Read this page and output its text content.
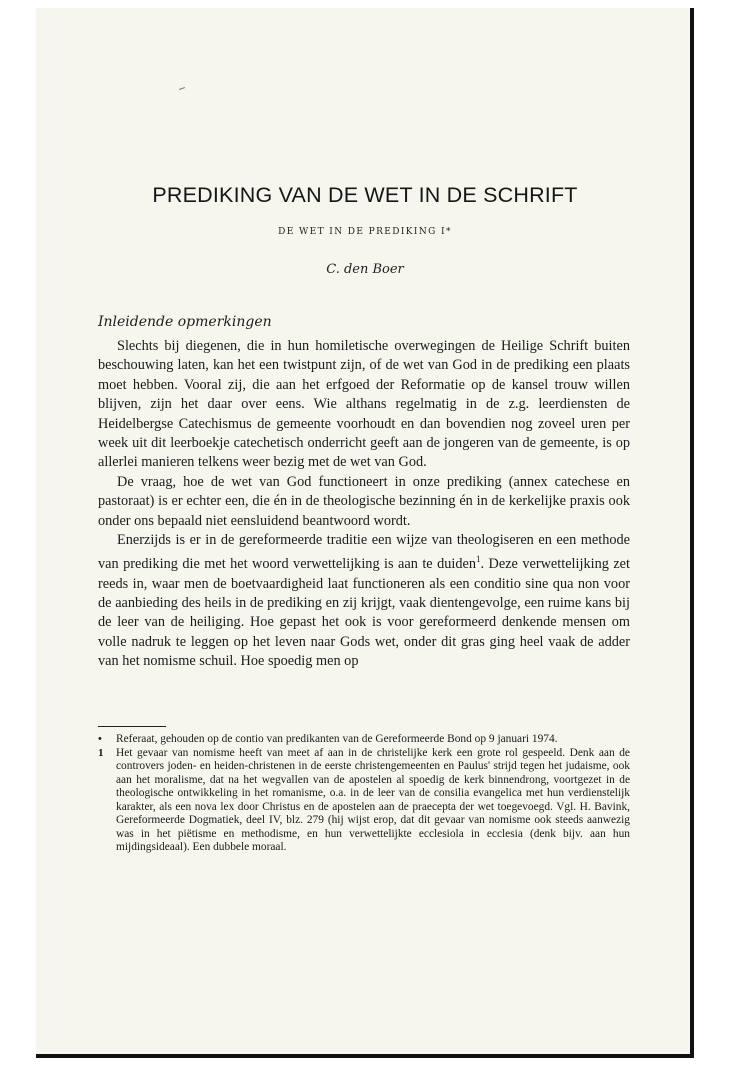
PREDIKING VAN DE WET IN DE SCHRIFT
DE WET IN DE PREDIKING I*
C. den Boer
Inleidende opmerkingen

Slechts bij diegenen, die in hun homiletische overwegingen de Heilige Schrift buiten beschouwing laten, kan het een twistpunt zijn, of de wet van God in de prediking een plaats moet hebben. Vooral zij, die aan het erfgoed der Reformatie op de kansel trouw willen blijven, zijn het daar over eens. Wie althans regelmatig in de z.g. leerdiensten de Heidelbergse Catechismus de gemeente voorhoudt en dan bovendien nog zoveel uren per week uit dit leerboekje catechetisch onderricht geeft aan de jongeren van de gemeente, is op allerlei manieren telkens weer bezig met de wet van God.

De vraag, hoe de wet van God functioneert in onze prediking (annex catechese en pastoraat) is er echter een, die én in de theologische bezinning én in de kerkelijke praxis ook onder ons bepaald niet eensluidend beantwoord wordt.

Enerzijds is er in de gereformeerde traditie een wijze van theologiseren en een methode van prediking die met het woord verwettelijking is aan te duiden$^1$. Deze verwettelijking zet reeds in, waar men de boetvaardigheid laat functioneren als een conditio sine qua non voor de aanbieding des heils in de prediking en zij krijgt, vaak dientengevolge, een ruime kans bij de leer van de heiliging. Hoe gepast het ook is voor gereformeerd denkende mensen om volle nadruk te leggen op het leven naar Gods wet, onder dit gras ging heel vaak de adder van het nomisme schuil. Hoe spoedig men op

• Referaat, gehouden op de contio van predikanten van de Gereformeerde Bond op 9 januari 1974.
1 Het gevaar van nomisme heeft van meet af aan in de christelijke kerk een grote rol gespeeld. Denk aan de controvers joden- en heiden-christenen in de eerste christengemeenten en Paulus' strijd tegen het judaisme, ook aan het moralisme, dat na het wegvallen van de apostelen al spoedig de kerk binnendrong, voortgezet in de theologische ontwikkeling in het romanisme, o.a. in de leer van de consilia evangelica met hun verdienstelijk karakter, als een nova lex door Christus en de apostelen aan de praecepta der wet toegevoegd. Vgl. H. Bavink, Gereformeerde Dogmatiek, deel IV, blz. 279 (hij wijst erop, dat dit gevaar van nomisme ook steeds aanwezig was in het piëtisme en methodisme, en hun verwettelijkte ecclesiola in ecclesia (denk bijv. aan hun mijdingsideaal). Een dubbele moraal.
